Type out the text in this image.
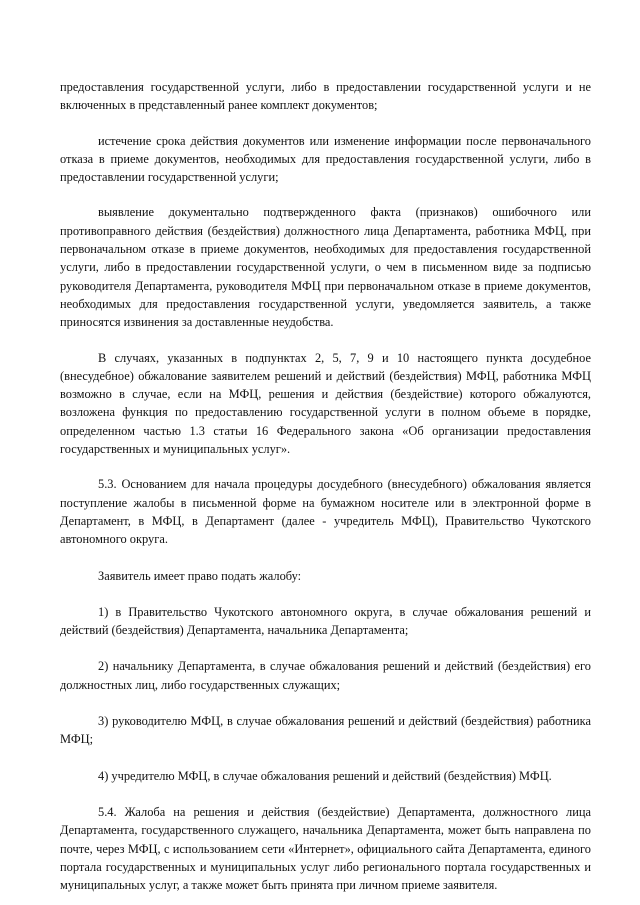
предоставления государственной услуги, либо в предоставлении государственной услуги и не включенных в представленный ранее комплект документов;

истечение срока действия документов или изменение информации после первоначального отказа в приеме документов, необходимых для предоставления государственной услуги, либо в предоставлении государственной услуги;

выявление документально подтвержденного факта (признаков) ошибочного или противоправного действия (бездействия) должностного лица Департамента, работника МФЦ, при первоначальном отказе в приеме документов, необходимых для предоставления государственной услуги, либо в предоставлении государственной услуги, о чем в письменном виде за подписью руководителя Департамента, руководителя МФЦ при первоначальном отказе в приеме документов, необходимых для предоставления государственной услуги, уведомляется заявитель, а также приносятся извинения за доставленные неудобства.

В случаях, указанных в подпунктах 2, 5, 7, 9 и 10 настоящего пункта досудебное (внесудебное) обжалование заявителем решений и действий (бездействия) МФЦ, работника МФЦ возможно в случае, если на МФЦ, решения и действия (бездействие) которого обжалуются, возложена функция по предоставлению государственной услуги в полном объеме в порядке, определенном частью 1.3 статьи 16 Федерального закона «Об организации предоставления государственных и муниципальных услуг».

5.3. Основанием для начала процедуры досудебного (внесудебного) обжалования является поступление жалобы в письменной форме на бумажном носителе или в электронной форме в Департамент, в МФЦ, в Департамент (далее - учредитель МФЦ), Правительство Чукотского автономного округа.

Заявитель имеет право подать жалобу:

1) в Правительство Чукотского автономного округа, в случае обжалования решений и действий (бездействия) Департамента, начальника Департамента;

2) начальнику Департамента, в случае обжалования решений и действий (бездействия) его должностных лиц, либо государственных служащих;

3) руководителю МФЦ, в случае обжалования решений и действий (бездействия) работника МФЦ;

4) учредителю МФЦ, в случае обжалования решений и действий (бездействия) МФЦ.

5.4. Жалоба на решения и действия (бездействие) Департамента, должностного лица Департамента, государственного служащего, начальника Департамента, может быть направлена по почте, через МФЦ, с использованием сети «Интернет», официального сайта Департамента, единого портала государственных и муниципальных услуг либо регионального портала государственных и муниципальных услуг, а также может быть принята при личном приеме заявителя.
